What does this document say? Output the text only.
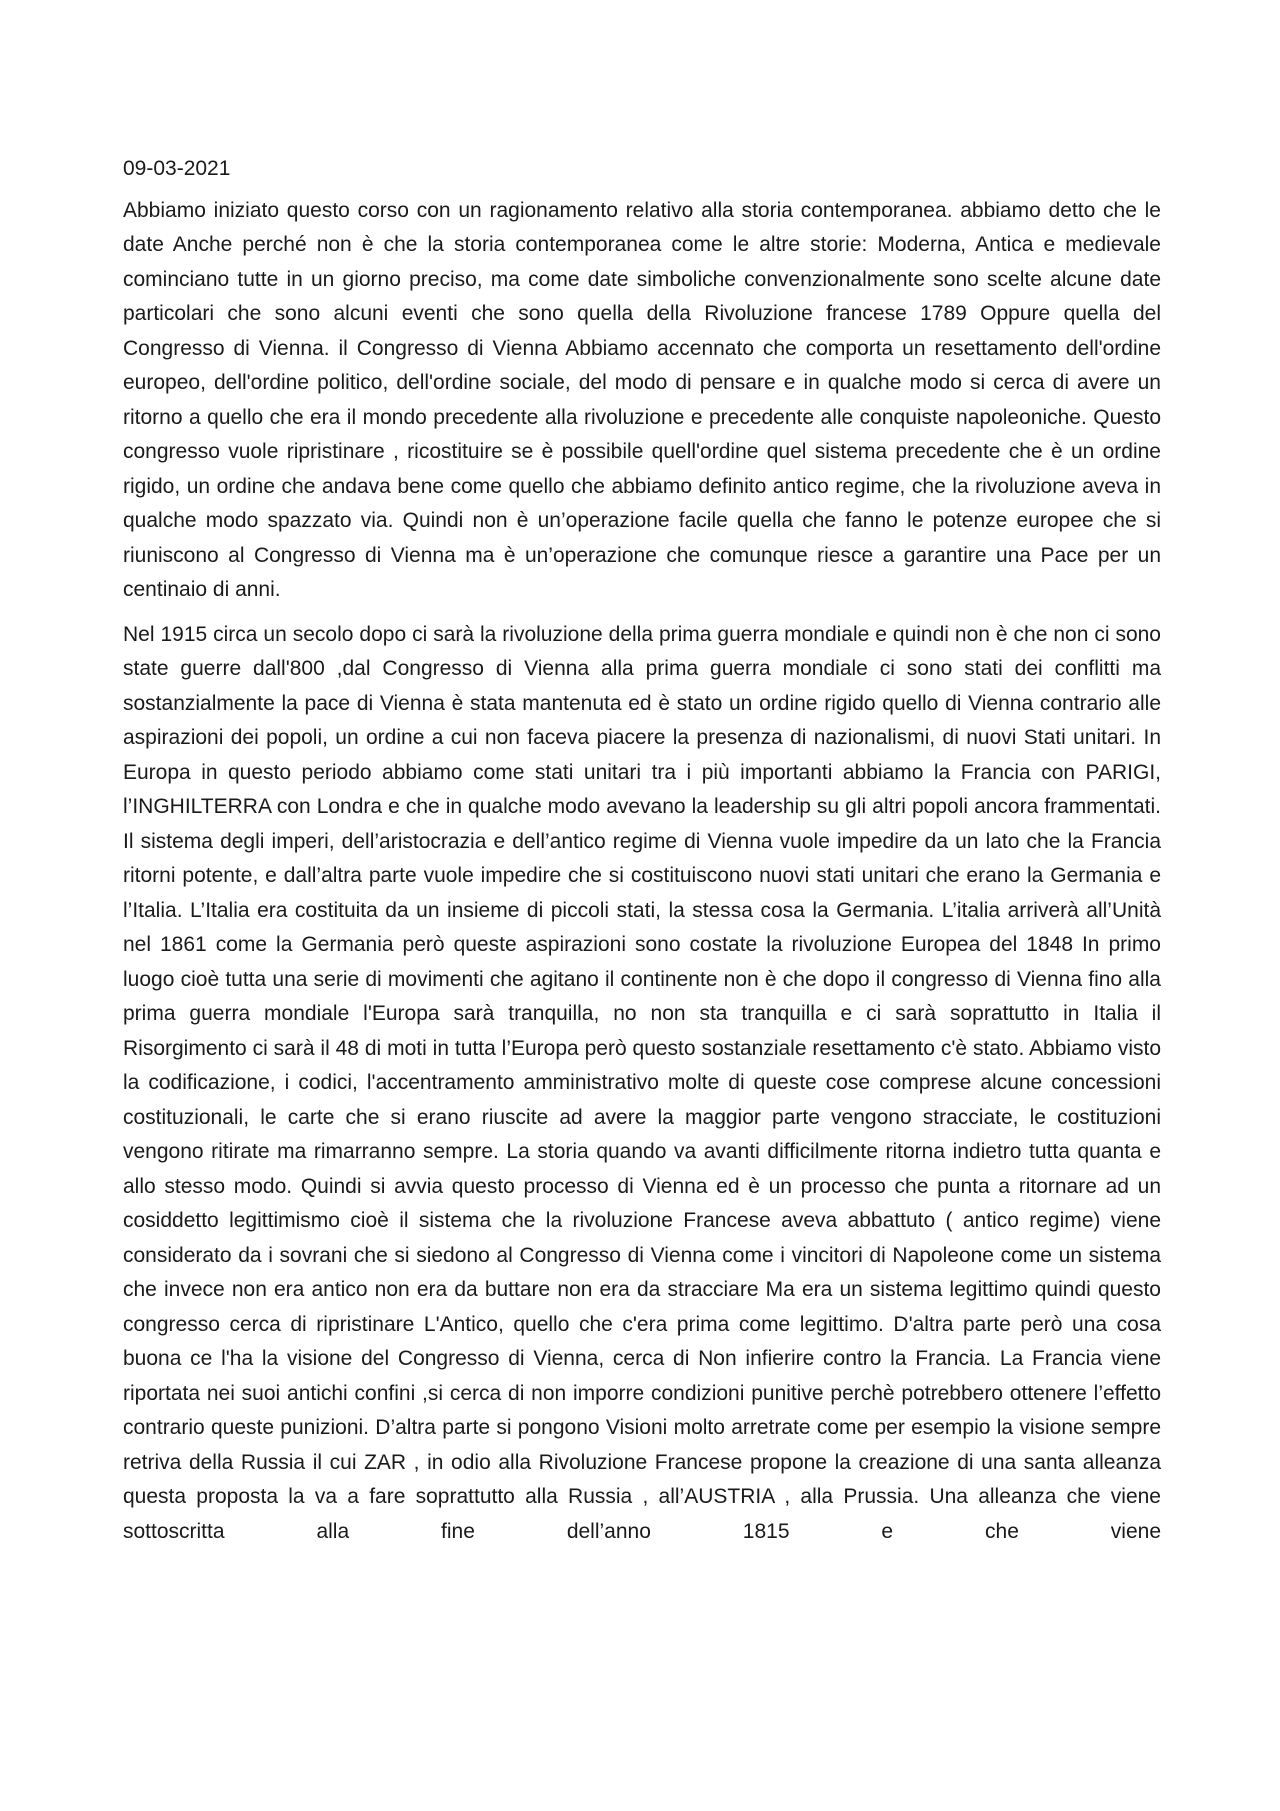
09-03-2021

Abbiamo iniziato questo corso con un ragionamento relativo alla storia contemporanea. abbiamo detto che le date Anche perché non è che la storia contemporanea come le altre storie: Moderna, Antica e medievale cominciano tutte in un giorno preciso, ma come date simboliche convenzionalmente sono scelte alcune date particolari che sono alcuni eventi che sono quella della Rivoluzione francese 1789 Oppure quella del Congresso di Vienna. il Congresso di Vienna Abbiamo accennato che comporta un resettamento dell'ordine europeo, dell'ordine politico, dell'ordine sociale, del modo di pensare e in qualche modo si cerca di avere un ritorno a quello che era il mondo precedente alla rivoluzione e precedente alle conquiste napoleoniche. Questo congresso vuole ripristinare , ricostituire se è possibile quell'ordine quel sistema precedente che è un ordine rigido, un ordine che andava bene come quello che abbiamo definito antico regime, che la rivoluzione aveva in qualche modo spazzato via. Quindi non è un’operazione facile quella che fanno le potenze europee che si riuniscono al Congresso di Vienna ma è un’operazione che comunque riesce a garantire una Pace per un centinaio di anni.

Nel 1915 circa un secolo dopo ci sarà la rivoluzione della prima guerra mondiale e quindi non è che non ci sono state guerre dall'800 ,dal Congresso di Vienna alla prima guerra mondiale ci sono stati dei conflitti ma sostanzialmente la pace di Vienna è stata mantenuta ed è stato un ordine rigido quello di Vienna contrario alle aspirazioni dei popoli, un ordine a cui non faceva piacere la presenza di nazionalismi, di nuovi Stati unitari. In Europa in questo periodo abbiamo come stati unitari tra i più importanti abbiamo la Francia con PARIGI, l’INGHILTERRA con Londra e che in qualche modo avevano la leadership su gli altri popoli ancora frammentati. Il sistema degli imperi, dell’aristocrazia e dell’antico regime di Vienna vuole impedire da un lato che la Francia ritorni potente, e dall’altra parte vuole impedire che si costituiscono nuovi stati unitari che erano la Germania e l’Italia. L’Italia era costituita da un insieme di piccoli stati, la stessa cosa la Germania. L’italia arriverà all’Unità nel 1861 come la Germania però queste aspirazioni sono costate la rivoluzione Europea del 1848 In primo luogo cioè tutta una serie di movimenti che agitano il continente non è che dopo il congresso di Vienna fino alla prima guerra mondiale l'Europa sarà tranquilla, no non sta tranquilla e ci sarà soprattutto in Italia il Risorgimento ci sarà il 48 di moti in tutta l’Europa però questo sostanziale resettamento c'è stato. Abbiamo visto la codificazione, i codici, l'accentramento amministrativo molte di queste cose comprese alcune concessioni costituzionali, le carte che si erano riuscite ad avere la maggior parte vengono stracciate, le costituzioni vengono ritirate ma rimarranno sempre. La storia quando va avanti difficilmente ritorna indietro tutta quanta e allo stesso modo. Quindi si avvia questo processo di Vienna ed è un processo che punta a ritornare ad un cosiddetto legittimismo cioè il sistema che la rivoluzione Francese aveva abbattuto ( antico regime) viene considerato da i sovrani che si siedono al Congresso di Vienna come i vincitori di Napoleone come un sistema che invece non era antico non era da buttare non era da stracciare Ma era un sistema legittimo quindi questo congresso cerca di ripristinare L'Antico, quello che c'era prima come legittimo. D'altra parte però una cosa buona ce l'ha la visione del Congresso di Vienna, cerca di Non infierire contro la Francia. La Francia viene riportata nei suoi antichi confini ,si cerca di non imporre condizioni punitive perchè potrebbero ottenere l’effetto contrario queste punizioni. D’altra parte si pongono Visioni molto arretrate come per esempio la visione sempre retriva della Russia il cui ZAR , in odio alla Rivoluzione Francese propone la creazione di una santa alleanza questa proposta la va a fare soprattutto alla Russia , all’AUSTRIA , alla Prussia. Una alleanza che viene sottoscritta alla fine dell’anno 1815 e che viene
